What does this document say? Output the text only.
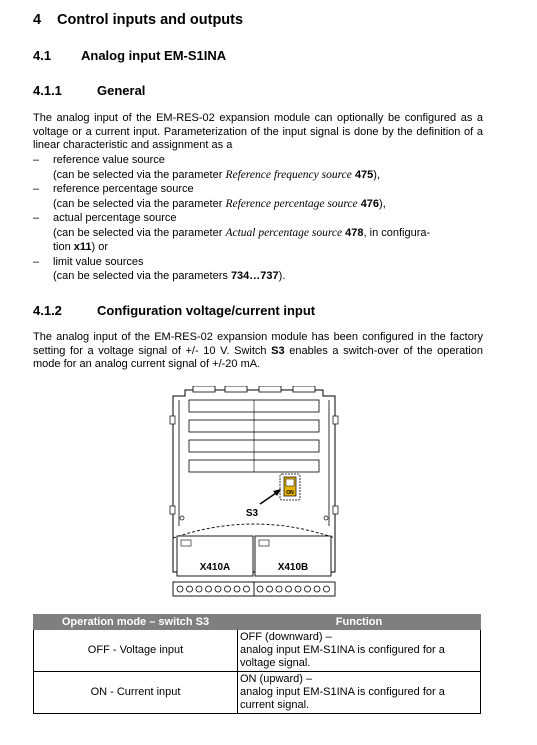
4 Control inputs and outputs
4.1 Analog input EM-S1INA
4.1.1	General
The analog input of the EM-RES-02 expansion module can optionally be configured as a voltage or a current input. Parameterization of the input signal is done by the definition of a linear characteristic and assignment as a
– reference value source
(can be selected via the parameter Reference frequency source 475),
– reference percentage source
(can be selected via the parameter Reference percentage source 476),
– actual percentage source
(can be selected via the parameter Actual percentage source 478, in configura-
tion x11) or
– limit value sources
(can be selected via the parameters 734…737).
4.1.2	Configuration voltage/current input
The analog input of the EM-RES-02 expansion module has been configured in the factory setting for a voltage signal of +/- 10 V. Switch S3 enables a switch-over of the operation mode for an analog current signal of +/-20 mA.
ON
S3
X410A	X410B
Operation mode – switch S3	Function
OFF - Voltage input	OFF (downward) –
analog input EM-S1INA is configured for a
voltage signal.

ON - Current input	ON (upward) –
analog input EM-S1INA is configured for a
current signal.
